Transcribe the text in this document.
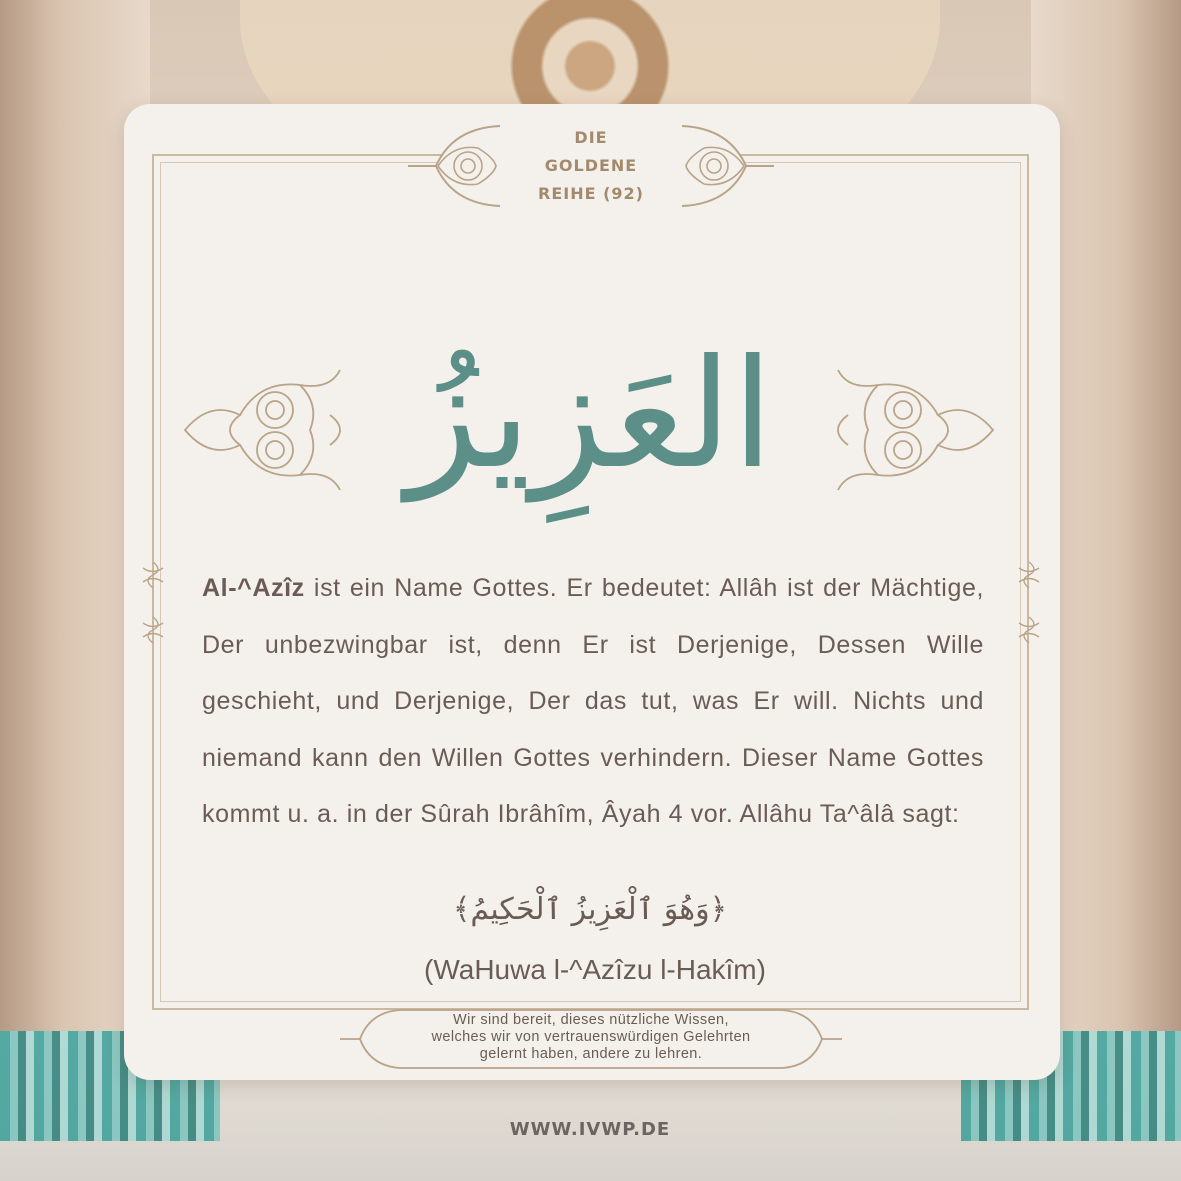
DIE
GOLDENE
REIHE (92)
العَزِيزُ
Al-^Azîz ist ein Name Gottes. Er bedeutet: Allâh ist der Mächtige, Der unbezwingbar ist, denn Er ist Derjenige, Dessen Wille geschieht, und Derjenige, Der das tut, was Er will. Nichts und niemand kann den Willen Gottes verhindern. Dieser Name Gottes kommt u. a. in der Sûrah Ibrâhîm, Âyah 4 vor. Allâhu Ta^âlâ sagt:
﴿وَهُوَ ٱلْعَزِيزُ ٱلْحَكِيمُ﴾
(WaHuwa l-^Azîzu l-Hakîm)
Wir sind bereit, dieses nützliche Wissen,
welches wir von vertrauenswürdigen Gelehrten
gelernt haben, andere zu lehren.
WWW.IVWP.DE
